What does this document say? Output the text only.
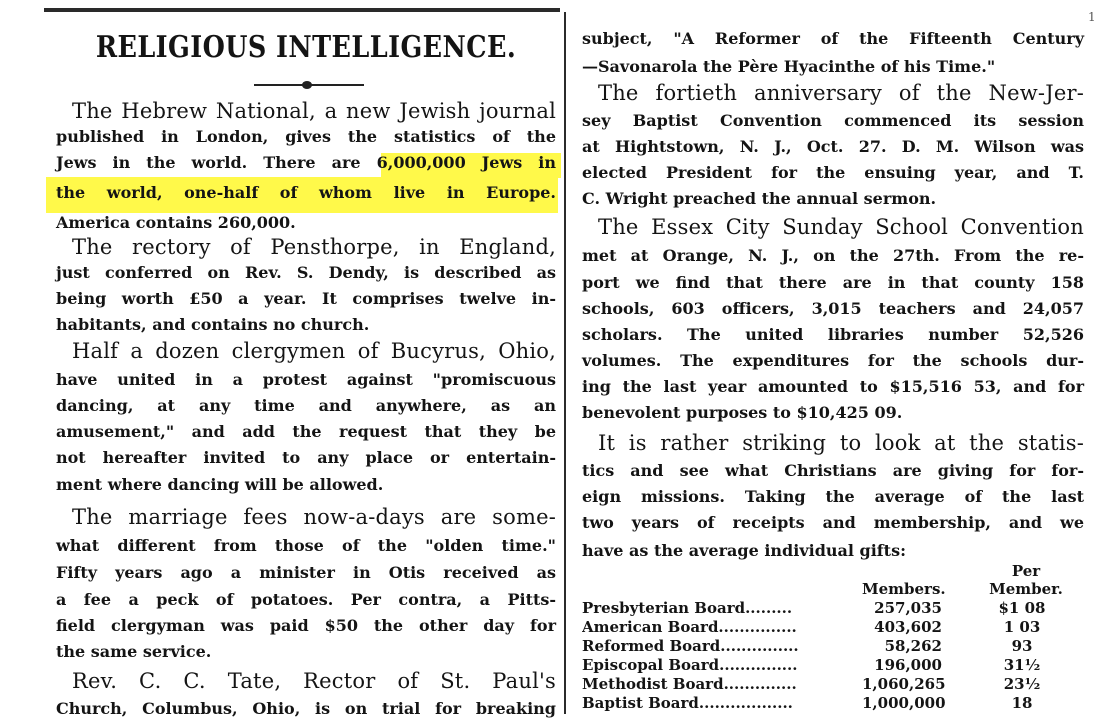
1
RELIGIOUS INTELLIGENCE.
The Hebrew National, a new Jewish journal
published in London, gives the statistics of the
Jews in the world. There are 6,000,000 Jews in
the world, one-half of whom live in Europe.
America contains 260,000.
The rectory of Pensthorpe, in England,
just conferred on Rev. S. Dendy, is described as
being worth £50 a year. It comprises twelve in-
habitants, and contains no church.
Half a dozen clergymen of Bucyrus, Ohio,
have united in a protest against "promiscuous
dancing, at any time and anywhere, as an
amusement," and add the request that they be
not hereafter invited to any place or entertain-
ment where dancing will be allowed.
The marriage fees now-a-days are some-
what different from those of the "olden time."
Fifty years ago a minister in Otis received as
a fee a peck of potatoes. Per contra, a Pitts-
field clergyman was paid $50 the other day for
the same service.
Rev. C. C. Tate, Rector of St. Paul's
Church, Columbus, Ohio, is on trial for breaking
subject, "A Reformer of the Fifteenth Century
—Savonarola the Père Hyacinthe of his Time."
The fortieth anniversary of the New-Jer-
sey Baptist Convention commenced its session
at Hightstown, N. J., Oct. 27. D. M. Wilson was
elected President for the ensuing year, and T.
C. Wright preached the annual sermon.
The Essex City Sunday School Convention
met at Orange, N. J., on the 27th. From the re-
port we find that there are in that county 158
schools, 603 officers, 3,015 teachers and 24,057
scholars. The united libraries number 52,526
volumes. The expenditures for the schools dur-
ing the last year amounted to $15,516 53, and for
benevolent purposes to $10,425 09.
It is rather striking to look at the statis-
tics and see what Christians are giving for for-
eign missions. Taking the average of the last
two years of receipts and membership, and we
have as the average individual gifts:
Per
Members.	Member.
Presbyterian Board.........	257,035	$1 08
American Board...............	403,602	1 03
Reformed Board...............	58,262	93
Episcopal Board...............	196,000	31½
Methodist Board..............	1,060,265	23½
Baptist Board..................	1,000,000	18
